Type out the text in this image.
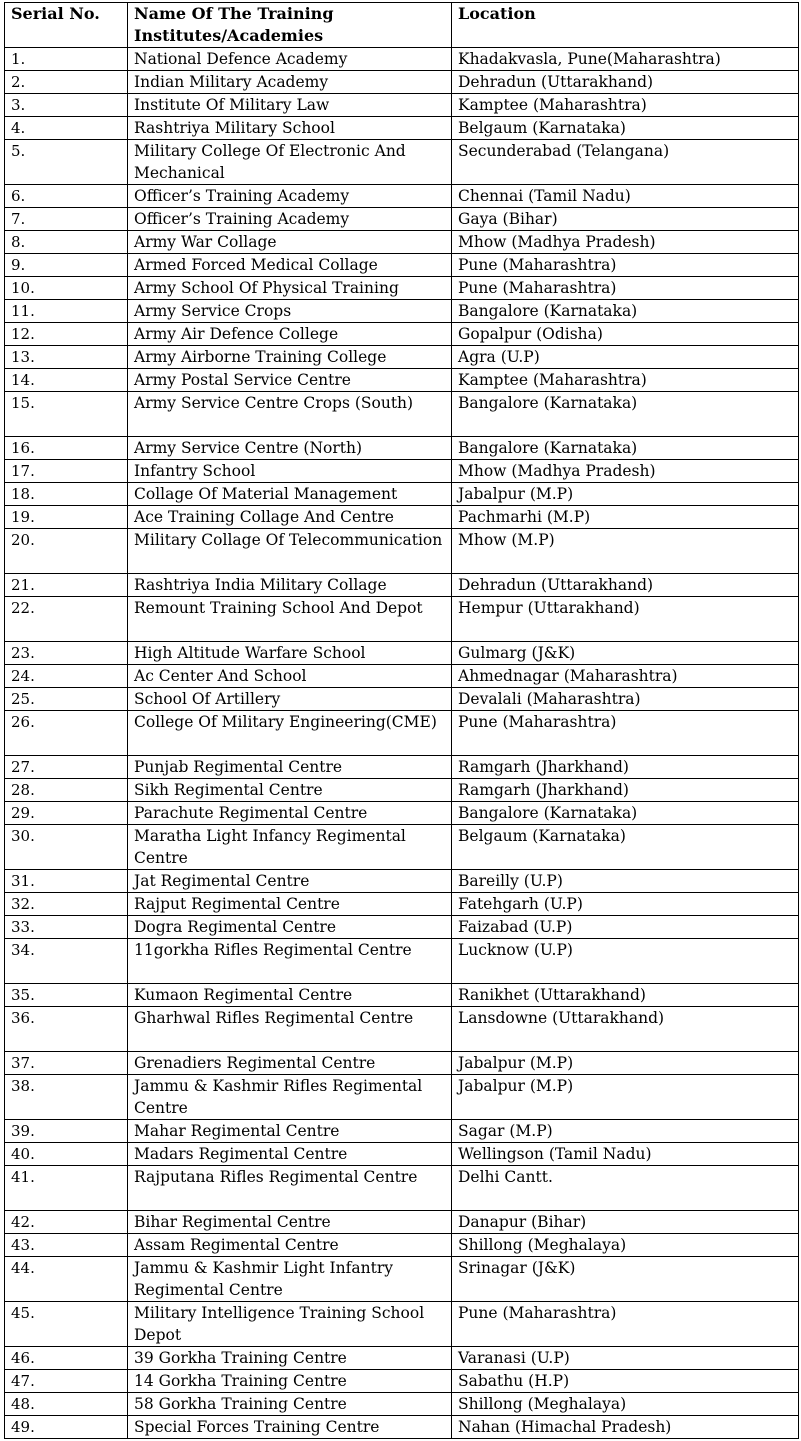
Serial No.	Name Of The Training Institutes/Academies	Location
1.	National Defence Academy	Khadakvasla, Pune(Maharashtra)
2.	Indian Military Academy	Dehradun (Uttarakhand)
3.	Institute Of Military Law	Kamptee (Maharashtra)
4.	Rashtriya Military School	Belgaum (Karnataka)
5.	Military College Of Electronic And Mechanical	Secunderabad (Telangana)
6.	Officer’s Training Academy	Chennai (Tamil Nadu)
7.	Officer’s Training Academy	Gaya (Bihar)
8.	Army War Collage	Mhow (Madhya Pradesh)
9.	Armed Forced Medical Collage	Pune (Maharashtra)
10.	Army School Of Physical Training	Pune (Maharashtra)
11.	Army Service Crops	Bangalore (Karnataka)
12.	Army Air Defence College	Gopalpur (Odisha)
13.	Army Airborne Training College	Agra (U.P)
14.	Army Postal Service Centre	Kamptee (Maharashtra)
15.	Army Service Centre Crops (South)	Bangalore (Karnataka)
16.	Army Service Centre (North)	Bangalore (Karnataka)
17.	Infantry School	Mhow (Madhya Pradesh)
18.	Collage Of Material Management	Jabalpur (M.P)
19.	Ace Training Collage And Centre	Pachmarhi (M.P)
20.	Military Collage Of Telecommunication	Mhow (M.P)
21.	Rashtriya India Military Collage	Dehradun (Uttarakhand)
22.	Remount Training School And Depot	Hempur (Uttarakhand)
23.	High Altitude Warfare School	Gulmarg (J&K)
24.	Ac Center And School	Ahmednagar (Maharashtra)
25.	School Of Artillery	Devalali (Maharashtra)
26.	College Of Military Engineering(CME)	Pune (Maharashtra)
27.	Punjab Regimental Centre	Ramgarh (Jharkhand)
28.	Sikh Regimental Centre	Ramgarh (Jharkhand)
29.	Parachute Regimental Centre	Bangalore (Karnataka)
30.	Maratha Light Infancy Regimental Centre	Belgaum (Karnataka)
31.	Jat Regimental Centre	Bareilly (U.P)
32.	Rajput Regimental Centre	Fatehgarh (U.P)
33.	Dogra Regimental Centre	Faizabad (U.P)
34.	11gorkha Rifles Regimental Centre	Lucknow (U.P)
35.	Kumaon Regimental Centre	Ranikhet (Uttarakhand)
36.	Gharhwal Rifles Regimental Centre	Lansdowne (Uttarakhand)
37.	Grenadiers Regimental Centre	Jabalpur (M.P)
38.	Jammu & Kashmir Rifles Regimental Centre	Jabalpur (M.P)
39.	Mahar Regimental Centre	Sagar (M.P)
40.	Madars Regimental Centre	Wellingson (Tamil Nadu)
41.	Rajputana Rifles Regimental Centre	Delhi Cantt.
42.	Bihar Regimental Centre	Danapur (Bihar)
43.	Assam Regimental Centre	Shillong (Meghalaya)
44.	Jammu & Kashmir Light Infantry Regimental Centre	Srinagar (J&K)
45.	Military Intelligence Training School Depot	Pune (Maharashtra)
46.	39 Gorkha Training Centre	Varanasi (U.P)
47.	14 Gorkha Training Centre	Sabathu (H.P)
48.	58 Gorkha Training Centre	Shillong (Meghalaya)
49.	Special Forces Training Centre	Nahan (Himachal Pradesh)
